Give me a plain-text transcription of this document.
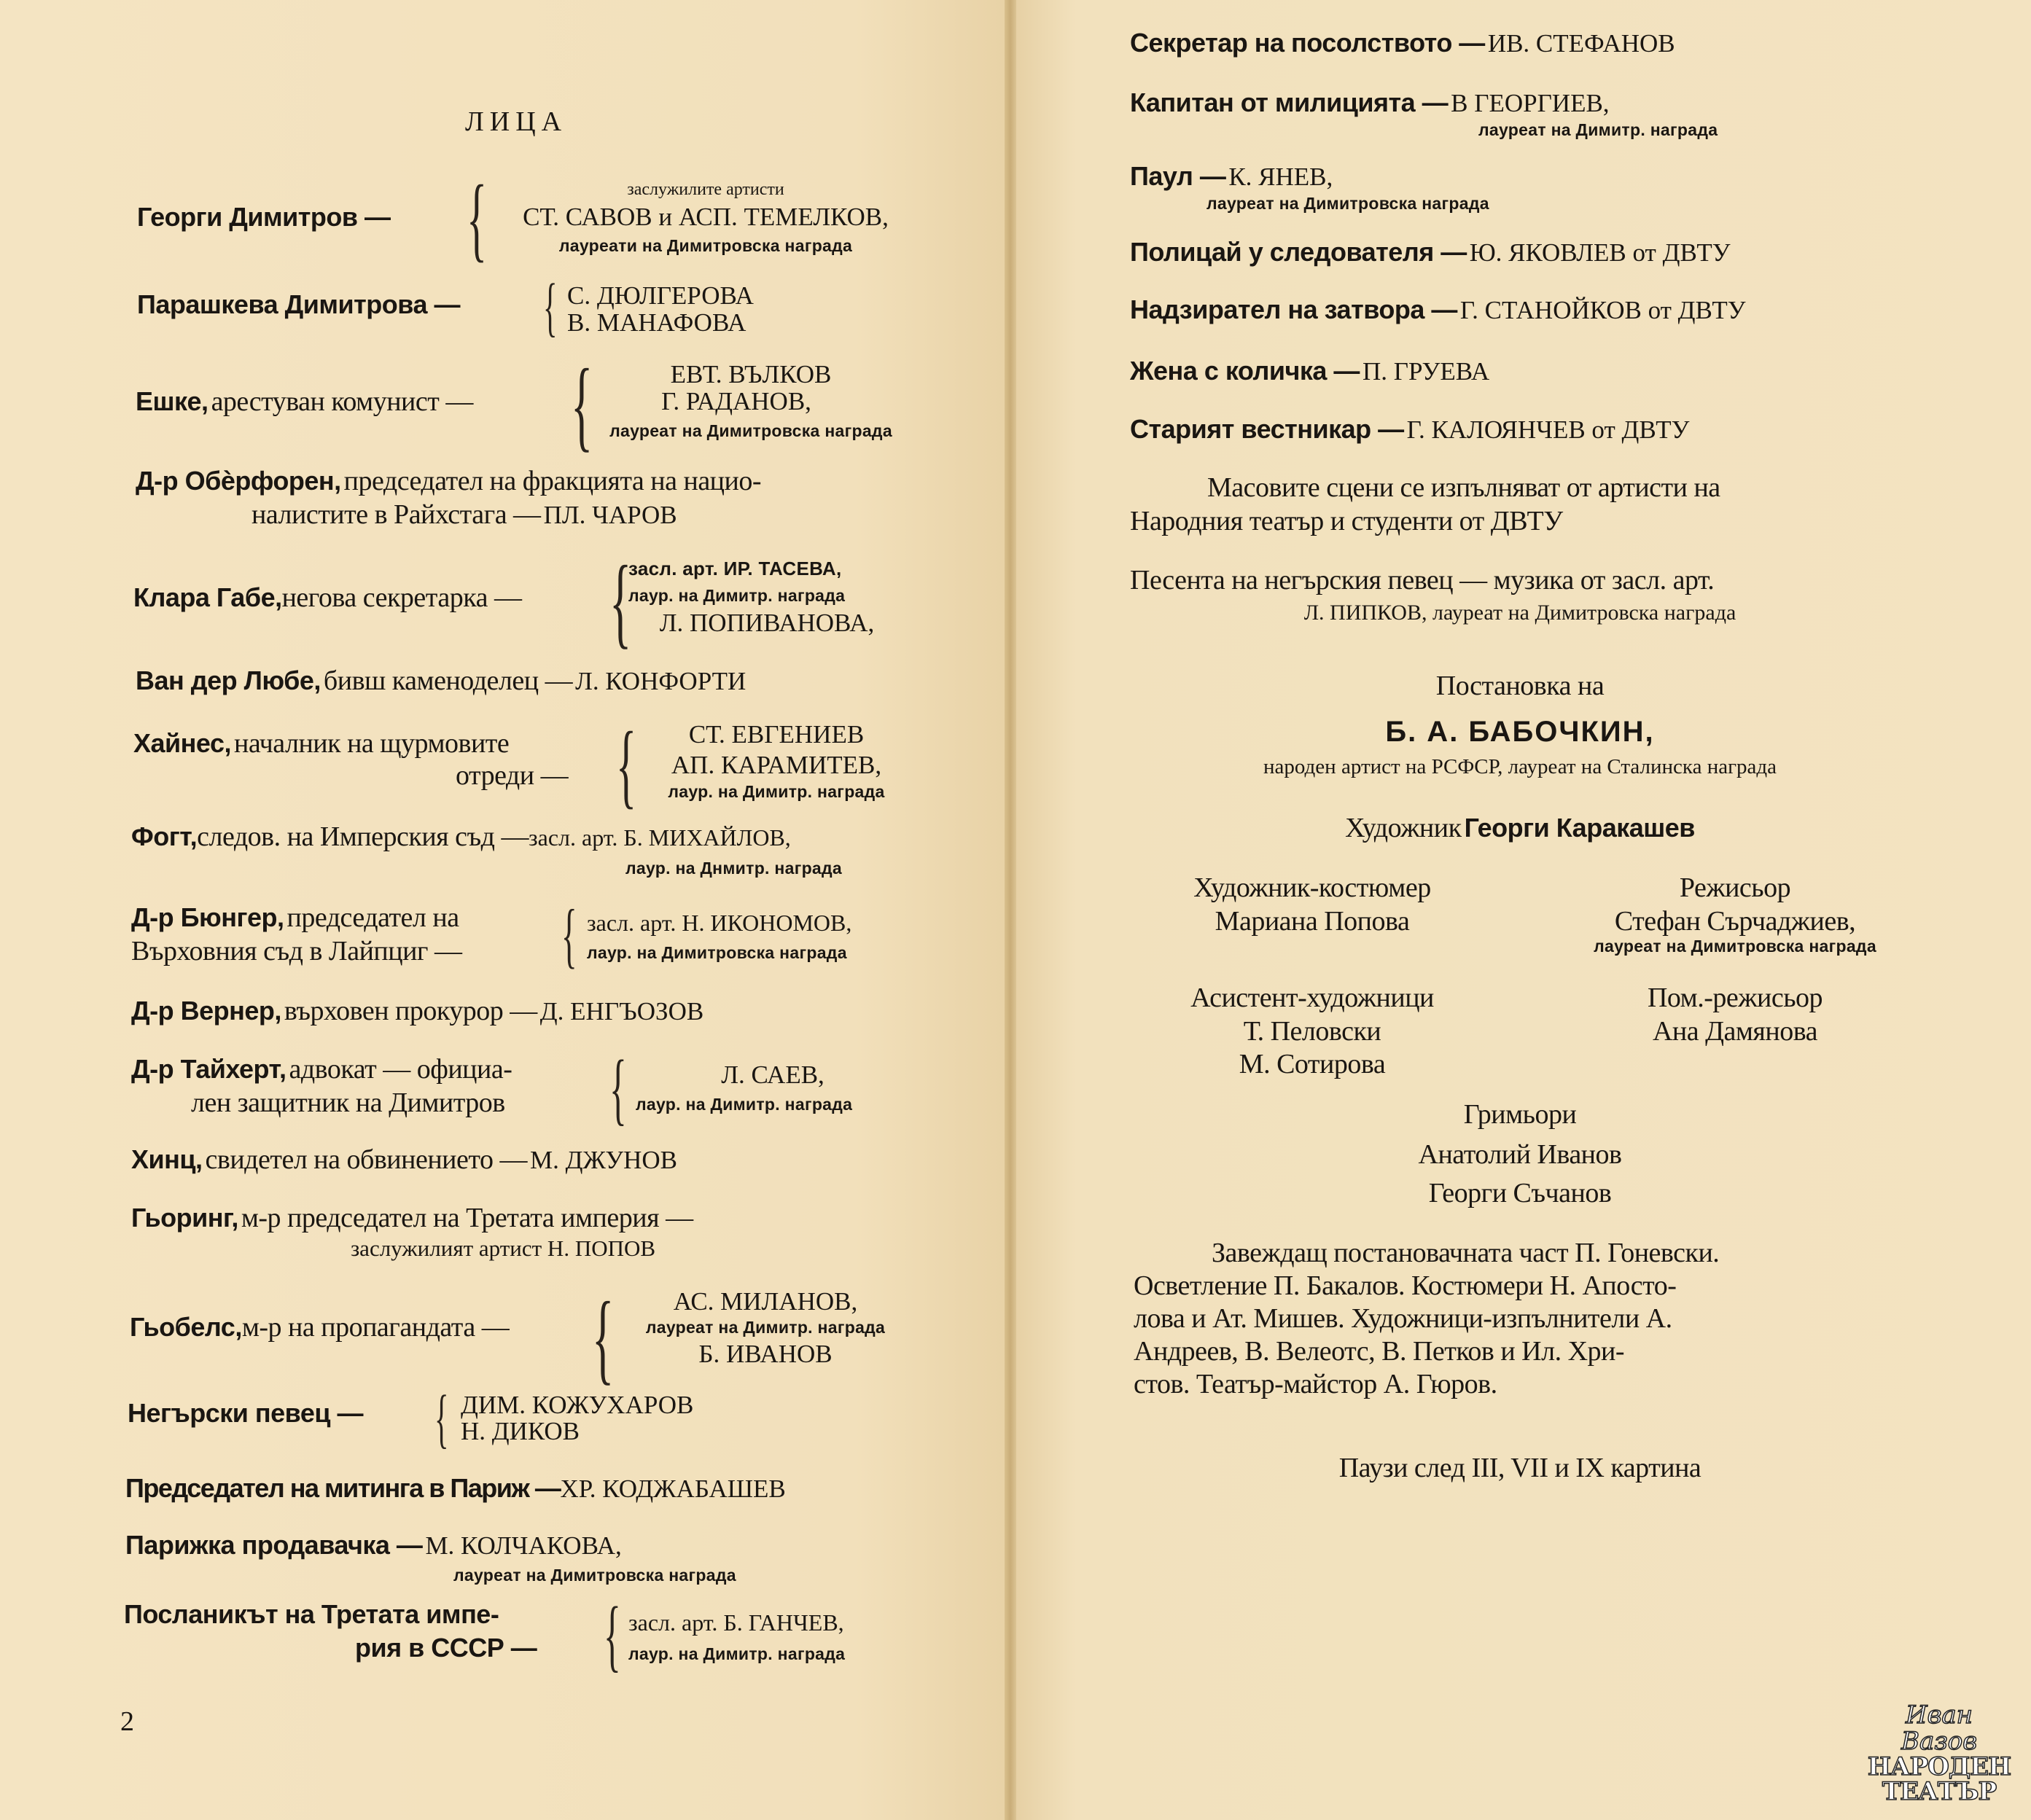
ЛИЦА
Георги Димитров — {	заслужилите артисти
СТ. САВОВ и АСП. ТЕМЕЛКОВ,
лауреати на Димитровска награда
Парашкева Димитрова — { С. ДЮЛГЕРОВА
В. МАНАФОВА
Ешке, арестуван комунист — {	ЕВТ. ВЪЛКОВ
Г. РАДАНОВ,
лауреат на Димитровска награда
Д-р Обѐрфорен, председател на фракцията на нацио-
налистите в Райхстага — ПЛ. ЧАРОВ
Клара Габе,негова секретарка — {
засл. арт. ИР. ТАСЕВА,
лаур. на Димитр. награда
Л. ПОПИВАНОВА,
Ван дер Любе, бивш каменоделец — Л. КОНФОРТИ
Хайнес, началник на щурмовите
отреди — {	СТ. ЕВГЕНИЕВ
АП. КАРАМИТЕВ,
лаур. на Димитр. награда
Фогт,следов. на Имперския съд —засл. арт. Б. МИХАЙЛОВ,
лаур. на Днмитр. награда
Д-р Бюнгер, председател на
Върховния съд в Лайпциг — { засл. арт. Н. ИКОНОМОВ,
лаур. на Димитровска награда
Д-р Вернер, върховен прокурор — Д. ЕНГЪОЗОВ
Д-р Тайхерт, адвокат — официа-
лен защитник на Димитров {	Л. САЕВ,
лаур. на Димитр. награда
Хинц, свидетел на обвинението — М. ДЖУНОВ
Гьоринг, м-р председател на Третата империя —
заслужилият артист Н. ПОПОВ
Гьобелс,м-р на пропагандата — {	АС. МИЛАНОВ,
лауреат на Димитр. награда
Б. ИВАНОВ
Негърски певец — { ДИМ. КОЖУХАРОВ
Н. ДИКОВ
Председател на митинга в Париж —ХР. КОДЖАБАШЕВ
Парижка продавачка — М. КОЛЧАКОВА,
лауреат на Димитровска награда
Посланикът на Третата импе-
рия в СССР — { засл. арт. Б. ГАНЧЕВ,
лаур. на Димитр. награда
2
Секретар на посолството — ИВ. СТЕФАНОВ
Капитан от милицията — В ГЕОРГИЕВ,
лауреат на Димитр. награда
Паул — К. ЯНЕВ,
лауреат на Димитровска награда
Полицай у следователя — Ю. ЯКОВЛЕВ от ДВТУ
Надзирател на затвора — Г. СТАНОЙКОВ от ДВТУ
Жена с количка — П. ГРУЕВА
Старият вестникар — Г. КАЛОЯНЧЕВ от ДВТУ
Масовите сцени се изпълняват от артисти на
Народния театър и студенти от ДВТУ
Песента на негърския певец — музика от засл. арт.
Л. ПИПКОВ, лауреат на Димитровска награда
Постановка на
Б. А. БАБОЧКИН,
народен артист на РСФСР, лауреат на Сталинска награда
Художник Георги Каракашев
Художник-костюмер
Мариана Попова
Режисьор
Стефан Сърчаджиев,
лауреат на Димитровска награда
Асистент-художници
Т. Пеловски
М. Сотирова
Пом.-режисьор
Ана Дамянова
Гримьори
Анатолий Иванов
Георги Съчанов
Завеждащ постановачната част П. Гоневски.
Осветление П. Бакалов. Костюмери Н. Апосто-
лова и Ат. Мишев. Художници-изпълнители А.
Андреев, В. Велеотс, В. Петков и Ил. Хри-
стов. Театър-майстор А. Гюров.
Паузи след III, VII и IX картина
Иван Вазов
НАРОДЕН
ТЕАТЪР
